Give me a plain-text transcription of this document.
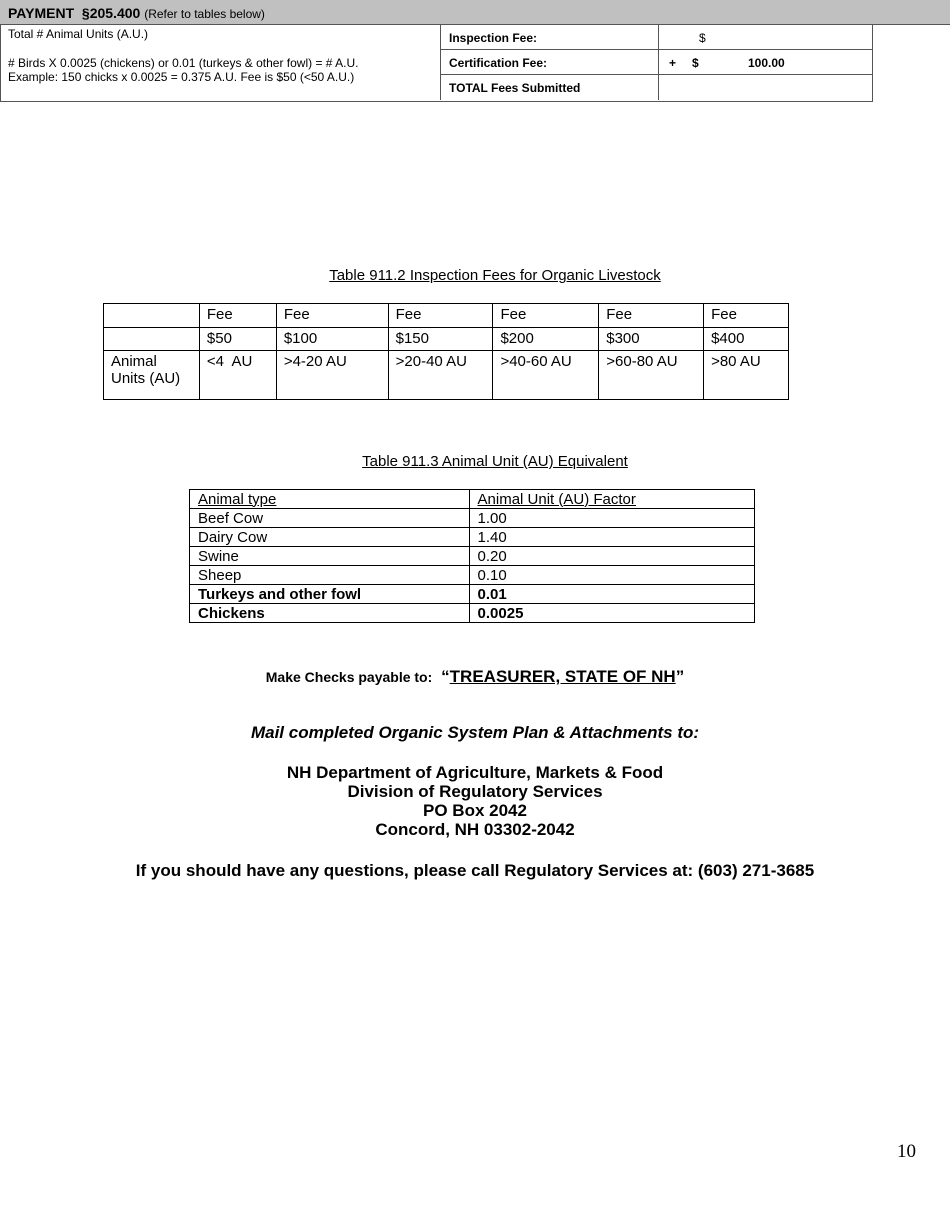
PAYMENT §205.400 (Refer to tables below)
Total # Animal Units (A.U.)
# Birds X 0.0025 (chickens) or 0.01 (turkeys & other fowl) = # A.U.
Example: 150 chicks x 0.0025 = 0.375 A.U. Fee is $50 (<50 A.U.)
Inspection Fee:	$
Certification Fee:	+ $	100.00
TOTAL Fees Submitted
Table 911.2 Inspection Fees for Organic Livestock
	Fee	Fee	Fee	Fee	Fee	Fee
	$50	$100	$150	$200	$300	$400
Animal Units (AU)	<4  AU	>4-20 AU	>20-40 AU	>40-60 AU	>60-80 AU	>80 AU
Table 911.3 Animal Unit (AU) Equivalent
Animal type	Animal Unit (AU) Factor
Beef Cow	1.00
Dairy Cow	1.40
Swine	0.20
Sheep	0.10
Turkeys and other fowl	0.01
Chickens	0.0025
Make Checks payable to: “TREASURER, STATE OF NH”
Mail completed Organic System Plan & Attachments to:
NH Department of Agriculture, Markets & Food
Division of Regulatory Services
PO Box 2042
Concord, NH 03302-2042
If you should have any questions, please call Regulatory Services at: (603) 271-3685
10
